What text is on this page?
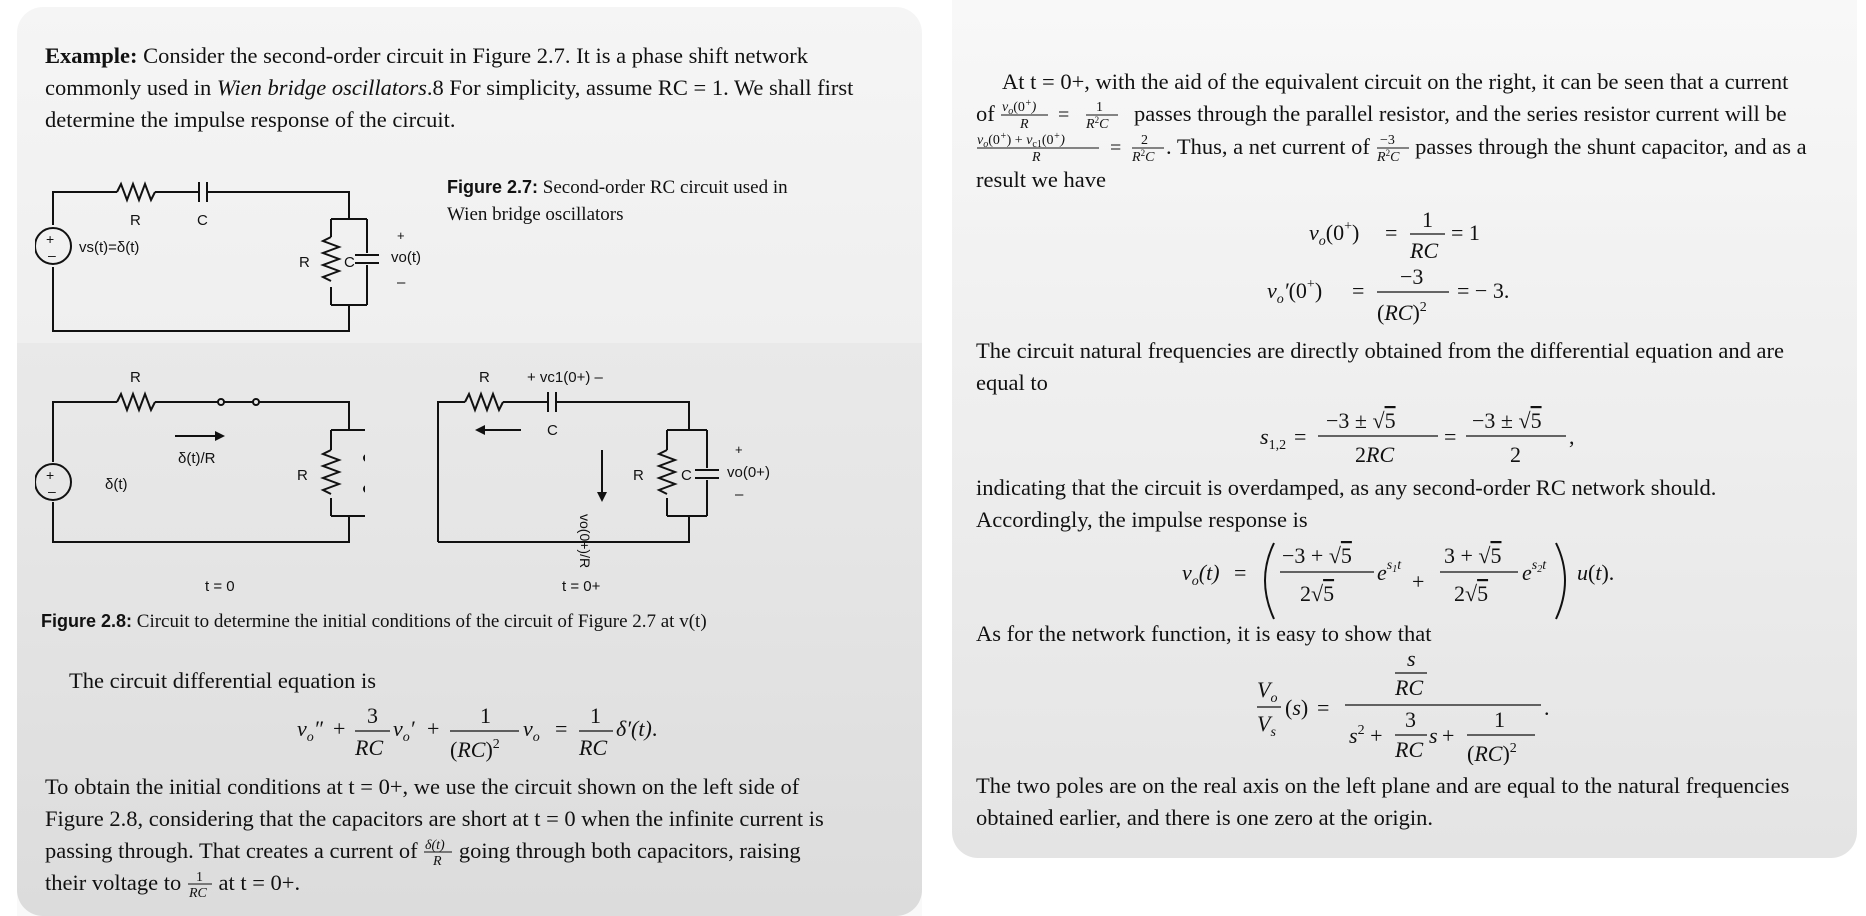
Example: Consider the second-order circuit in Figure 2.7. It is a phase shift network
commonly used in Wien bridge oscillators.8 For simplicity, assume RC = 1. We shall first
determine the impulse response of the circuit.
+
– vs(t)=δ(t)
R	C
R C
+
vo(t)
–
Figure 2.7: Second-order RC circuit used in
Wien bridge oscillators
+
–	δ(t)
R
δ(t)/R
R
t = 0
R + vc1(0+) –
C
vo(0+)/R
R C
+
vo(0+)
–
t = 0+
Figure 2.8: Circuit to determine the initial conditions of the circuit of Figure 2.7 at v(t)
The circuit differential equation is
$v_o''$ +
3
RC
$v_o'$ +
1
(RC)$^2$
$v_o$ =
1
RC
δ′(t).
To obtain the initial conditions at t = 0+, we use the circuit shown on the left side of
Figure 2.8, considering that the capacitors are short at t = 0 when the infinite current is
passing through. That creates a current of δ(t)
R going through both capacitors, raising
their voltage to 1
RC at t = 0+.
At t = 0+, with the aid of the equivalent circuit on the right, it can be seen that a current
of $v_o(0^+)$
R = 1
$R^2C$ passes through the parallel resistor, and the series resistor current will be
$v_o(0^+) + v_{c1}(0^+)$
R	= 2
$R^2C$ . Thus, a net current of −3
$R^2C$ passes through the shunt capacitor, and as a
result we have
$v_o(0^+)$ =
1
RC
= 1
$v_o'(0^+)$ =
−3
(RC)$^2$
= − 3.
The circuit natural frequencies are directly obtained from the differential equation and are
equal to
$s_{1,2}$ =
−3 ± √5
2RC
=
−3 ± √5
2
,
indicating that the circuit is overdamped, as any second-order RC network should.
Accordingly, the impulse response is
$v_o(t)$ =
−3 + √5
2√5
$e^s1t$
+
3 + √5
2√5
$e^s2t$ u(t).
As for the network function, it is easy to show that
$V_o$
$V_s$
(s) =
s
RC
$s^2$ +
3
RC
s +
1
(RC)$^2$
.
The two poles are on the real axis on the left plane and are equal to the natural frequencies
obtained earlier, and there is one zero at the origin.
